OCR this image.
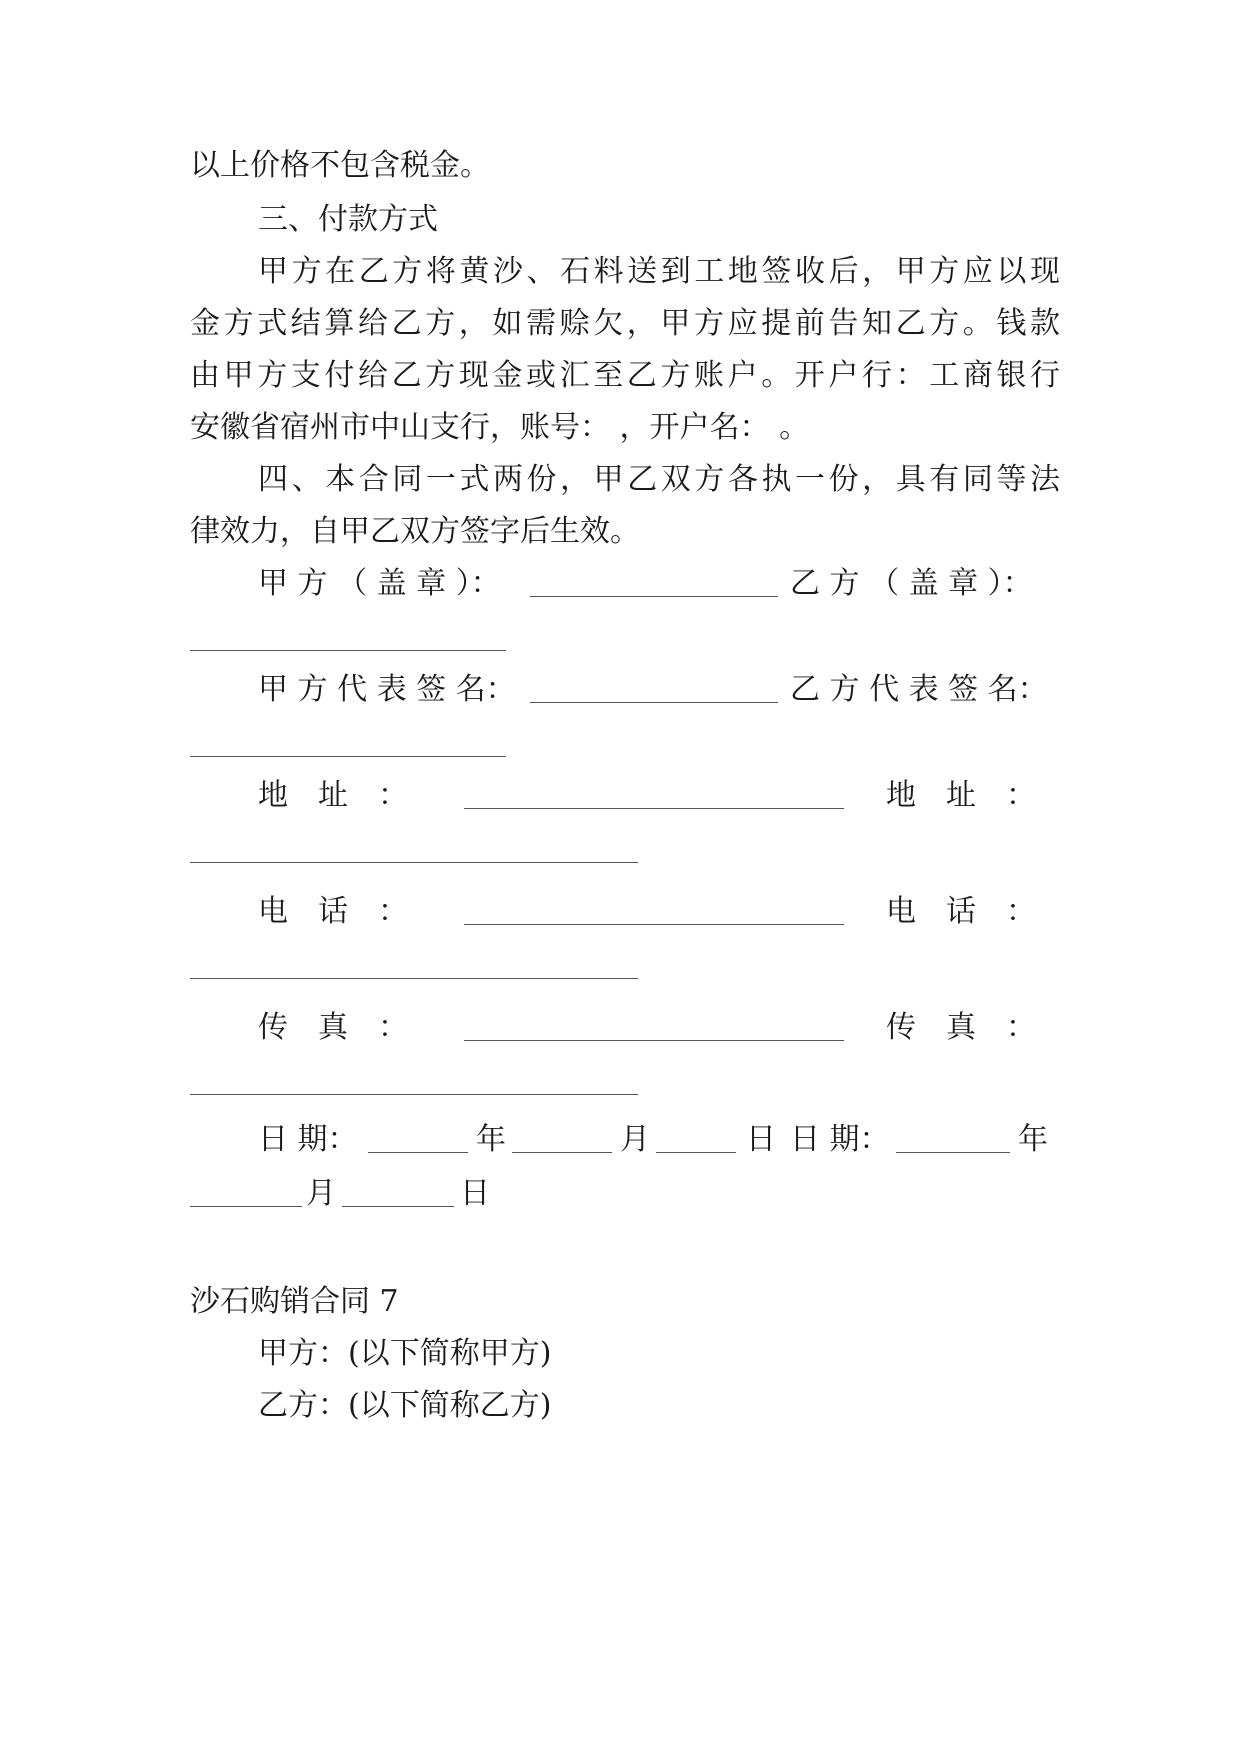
以上价格不包含税金。
三、付款方式
甲方在乙方将黄沙、石料送到工地签收后，甲方应以现
金方式结算给乙方，如需赊欠，甲方应提前告知乙方。钱款
由甲方支付给乙方现金或汇至乙方账户。开户行：工商银行
安徽省宿州市中山支行，账号： ，开户名： 。
四、本合同一式两份，甲乙双方各执一份，具有同等法
律效力，自甲乙双方签字后生效。
甲 方 （ 盖 章 ）：	乙 方 （ 盖 章 ）：
甲 方 代 表 签 名：	乙 方 代 表 签 名：
地　址　：	地　址　：
电　话　：	电　话　：
传　真　：	传　真　：
日 期：	年	月	日 日 期：	年
月	日
沙石购销合同 7
甲方：(以下简称甲方)
乙方：(以下简称乙方)
